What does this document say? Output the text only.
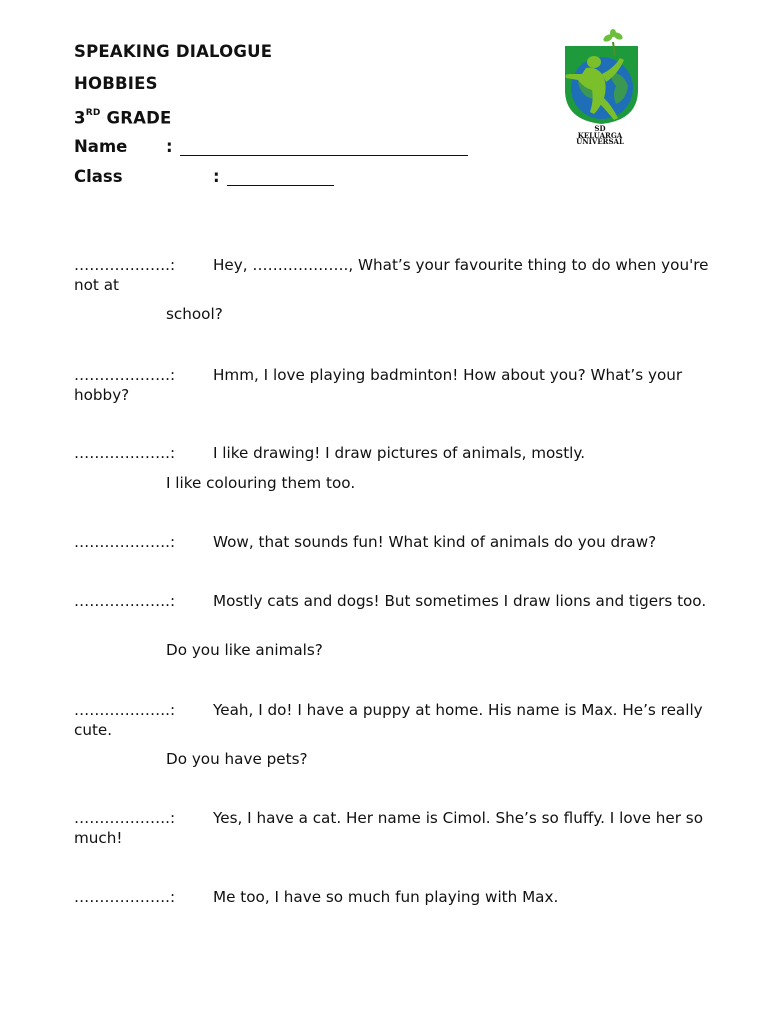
SPEAKING DIALOGUE
HOBBIES
3RD GRADE
Name :
Class	:
SD
KELUARGA
UNIVERSAL
……………….: Hey, ………………., What’s your favourite thing to do when you're not at
school?
……………….: Hmm, I love playing badminton! How about you? What’s your hobby?
……………….: I like drawing! I draw pictures of animals, mostly.
I like colouring them too.
……………….: Wow, that sounds fun! What kind of animals do you draw?
……………….: Mostly cats and dogs! But sometimes I draw lions and tigers too.
Do you like animals?
……………….: Yeah, I do! I have a puppy at home. His name is Max. He’s really cute.
Do you have pets?
……………….: Yes, I have a cat. Her name is Cimol. She’s so fluffy. I love her so much!
……………….: Me too, I have so much fun playing with Max.
